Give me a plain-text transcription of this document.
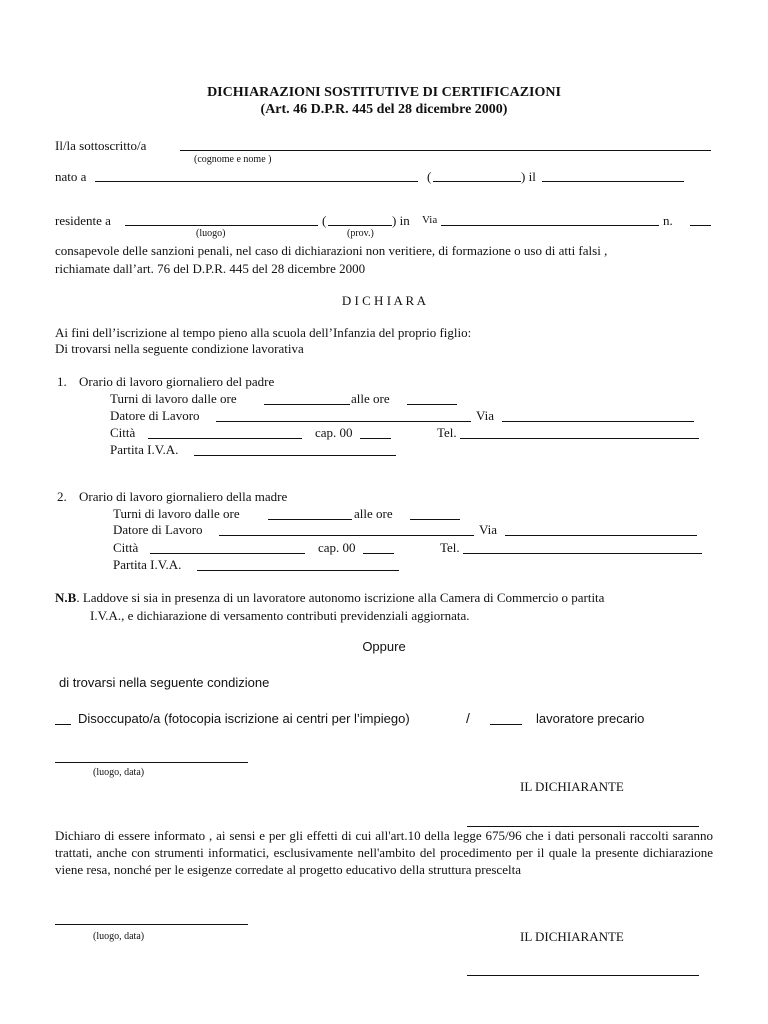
DICHIARAZIONI SOSTITUTIVE DI CERTIFICAZIONI
(Art. 46 D.P.R. 445 del 28 dicembre 2000)
Il/la sottoscritto/a
(cognome e nome )
nato a	(	) il
residente a	(	) in Via	n.
(luogo)	(prov.)
consapevole delle sanzioni penali, nel caso di dichiarazioni non veritiere, di formazione o uso di atti falsi ,
richiamate dall’art. 76 del D.P.R. 445 del 28 dicembre 2000
D I C H I A R A
Ai fini dell’iscrizione al tempo pieno alla scuola dell’Infanzia del proprio figlio:
Di trovarsi nella seguente condizione lavorativa
1. Orario di lavoro giornaliero del padre
Turni di lavoro dalle ore	alle ore
Datore di Lavoro	Via
Città	cap. 00	Tel.
Partita I.V.A.
2. Orario di lavoro giornaliero della madre
Turni di lavoro dalle ore	alle ore
Datore di Lavoro	Via
Città	cap. 00	Tel.
Partita I.V.A.
N.B. Laddove si sia in presenza di un lavoratore autonomo iscrizione alla Camera di Commercio o partita
I.V.A., e dichiarazione di versamento contributi previdenziali aggiornata.
Oppure
di trovarsi nella seguente condizione
Disoccupato/a (fotocopia iscrizione ai centri per l’impiego)	/	lavoratore precario
(luogo, data)
IL DICHIARANTE
Dichiaro di essere informato , ai sensi e per gli effetti di cui all'art.10 della legge 675/96 che i dati personali raccolti saranno trattati, anche con strumenti informatici, esclusivamente nell'ambito del procedimento per il quale la presente dichiarazione viene resa, nonché per le esigenze corredate al progetto educativo della struttura prescelta
(luogo, data)	IL DICHIARANTE
